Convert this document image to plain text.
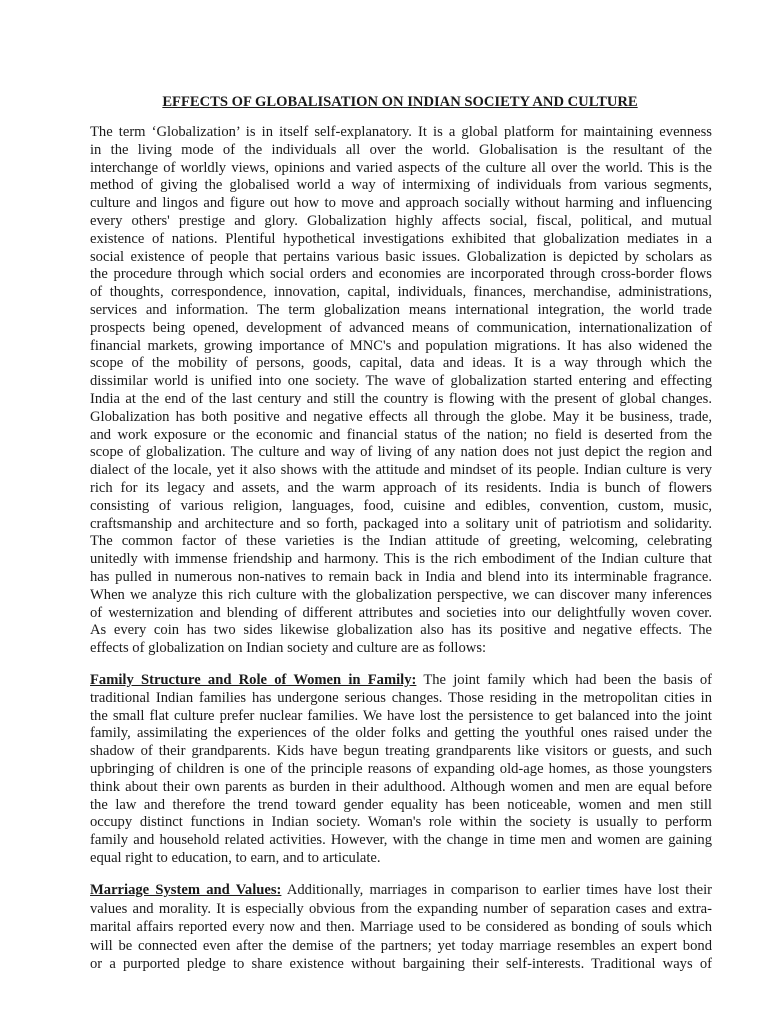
EFFECTS OF GLOBALISATION ON INDIAN SOCIETY AND CULTURE
The term ‘Globalization’ is in itself self-explanatory. It is a global platform for maintaining evenness
in the living mode of the individuals all over the world. Globalisation is the resultant of the
interchange of worldly views, opinions and varied aspects of the culture all over the world. This is the
method of giving the globalised world a way of intermixing of individuals from various segments,
culture and lingos and figure out how to move and approach socially without harming and influencing
every others' prestige and glory. Globalization highly affects social, fiscal, political, and mutual
existence of nations. Plentiful hypothetical investigations exhibited that globalization mediates in a
social existence of people that pertains various basic issues. Globalization is depicted by scholars as
the procedure through which social orders and economies are incorporated through cross-border flows
of thoughts, correspondence, innovation, capital, individuals, finances, merchandise, administrations,
services and information. The term globalization means international integration, the world trade
prospects being opened, development of advanced means of communication, internationalization of
financial markets, growing importance of MNC's and population migrations. It has also widened the
scope of the mobility of persons, goods, capital, data and ideas. It is a way through which the
dissimilar world is unified into one society. The wave of globalization started entering and effecting
India at the end of the last century and still the country is flowing with the present of global changes.
Globalization has both positive and negative effects all through the globe. May it be business, trade,
and work exposure or the economic and financial status of the nation; no field is deserted from the
scope of globalization. The culture and way of living of any nation does not just depict the region and
dialect of the locale, yet it also shows with the attitude and mindset of its people. Indian culture is very
rich for its legacy and assets, and the warm approach of its residents. India is bunch of flowers
consisting of various religion, languages, food, cuisine and edibles, convention, custom, music,
craftsmanship and architecture and so forth, packaged into a solitary unit of patriotism and solidarity.
The common factor of these varieties is the Indian attitude of greeting, welcoming, celebrating
unitedly with immense friendship and harmony. This is the rich embodiment of the Indian culture that
has pulled in numerous non-natives to remain back in India and blend into its interminable fragrance.
When we analyze this rich culture with the globalization perspective, we can discover many inferences
of westernization and blending of different attributes and societies into our delightfully woven cover.
As every coin has two sides likewise globalization also has its positive and negative effects. The
effects of globalization on Indian society and culture are as follows:
Family Structure and Role of Women in Family: The joint family which had been the basis of
traditional Indian families has undergone serious changes. Those residing in the metropolitan cities in
the small flat culture prefer nuclear families. We have lost the persistence to get balanced into the joint
family, assimilating the experiences of the older folks and getting the youthful ones raised under the
shadow of their grandparents. Kids have begun treating grandparents like visitors or guests, and such
upbringing of children is one of the principle reasons of expanding old-age homes, as those youngsters
think about their own parents as burden in their adulthood. Although women and men are equal before
the law and therefore the trend toward gender equality has been noticeable, women and men still
occupy distinct functions in Indian society. Woman's role within the society is usually to perform
family and household related activities. However, with the change in time men and women are gaining
equal right to education, to earn, and to articulate.
Marriage System and Values: Additionally, marriages in comparison to earlier times have lost their
values and morality. It is especially obvious from the expanding number of separation cases and extra-
marital affairs reported every now and then. Marriage used to be considered as bonding of souls which
will be connected even after the demise of the partners; yet today marriage resembles an expert bond
or a purported pledge to share existence without bargaining their self-interests. Traditional ways of
